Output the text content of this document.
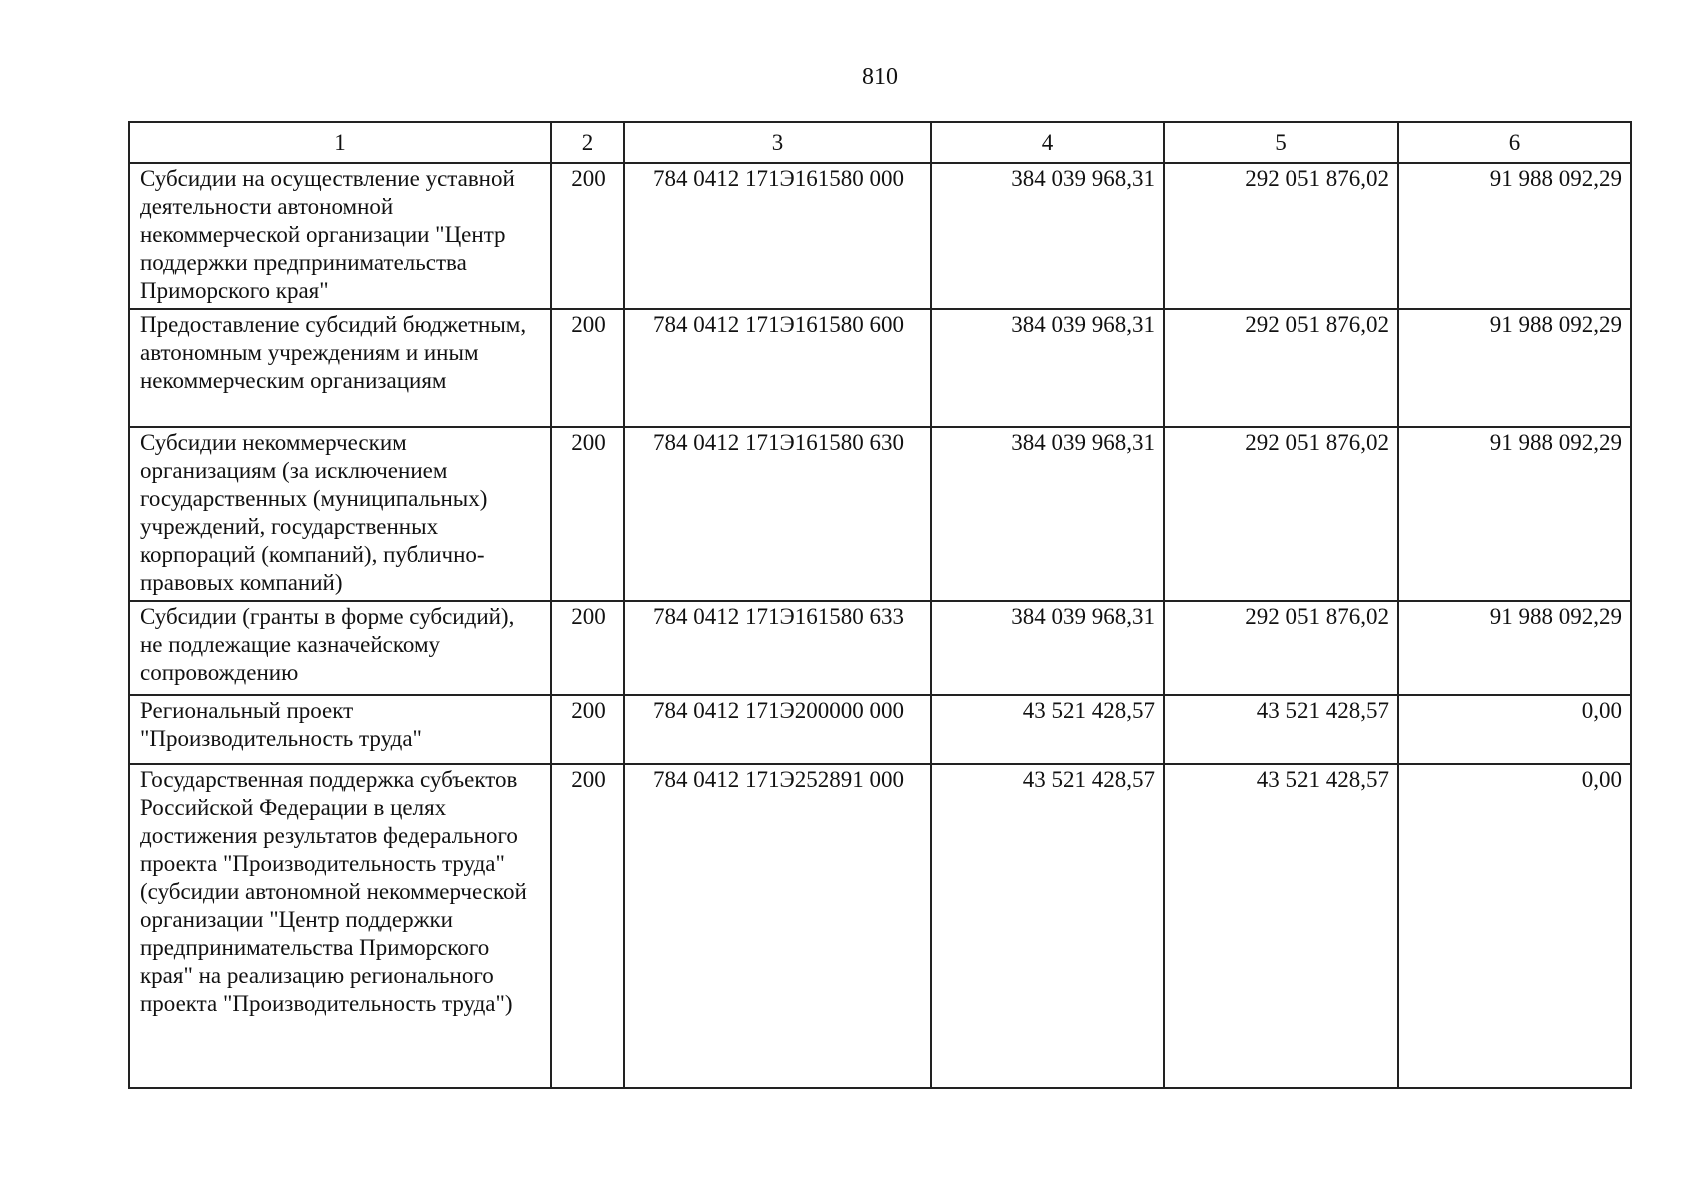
810
1	2	3	4	5	6
Субсидии на осуществление уставной деятельности автономной некоммерческой организации "Центр поддержки предпринимательства Приморского края"	200	784 0412 171Э161580 000	384 039 968,31	292 051 876,02	91 988 092,29
Предоставление субсидий бюджетным, автономным учреждениям и иным некоммерческим организациям	200	784 0412 171Э161580 600	384 039 968,31	292 051 876,02	91 988 092,29
Субсидии некоммерческим организациям (за исключением государственных (муниципальных) учреждений, государственных корпораций (компаний), публично-правовых компаний)	200	784 0412 171Э161580 630	384 039 968,31	292 051 876,02	91 988 092,29
Субсидии (гранты в форме субсидий), не подлежащие казначейскому сопровождению	200	784 0412 171Э161580 633	384 039 968,31	292 051 876,02	91 988 092,29
Региональный проект "Производительность труда"	200	784 0412 171Э200000 000	43 521 428,57	43 521 428,57	0,00
Государственная поддержка субъектов Российской Федерации в целях достижения результатов федерального проекта "Производительность труда" (субсидии автономной некоммерческой организации "Центр поддержки предпринимательства Приморского края" на реализацию регионального проекта "Производительность труда")	200	784 0412 171Э252891 000	43 521 428,57	43 521 428,57	0,00
